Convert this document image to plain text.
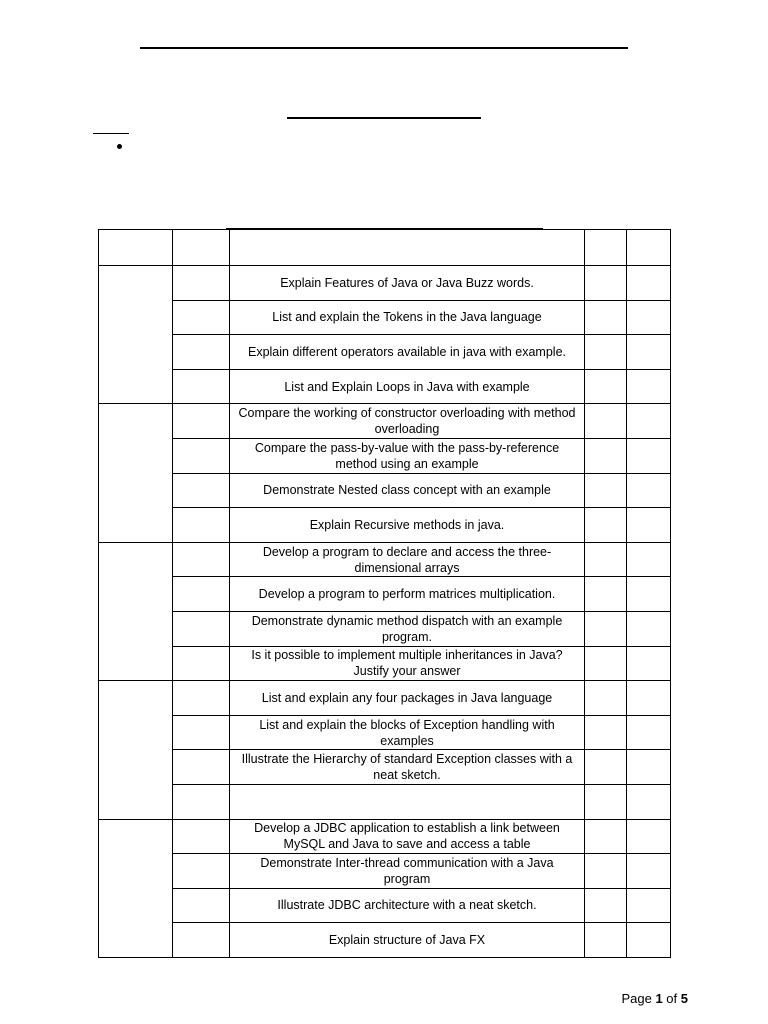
		Explain Features of Java or Java Buzz words.		
		List and explain the Tokens in the Java language		
		Explain different operators available in java with example.		
		List and Explain Loops in Java with example		
		Compare the working of constructor overloading with method overloading		
		Compare the pass-by-value with the pass-by-reference method using an example		
		Demonstrate Nested class concept with an example		
		Explain Recursive methods in java.		
		Develop a program to declare and access the three-dimensional arrays		
		Develop a program to perform matrices multiplication.		
		Demonstrate dynamic method dispatch with an example program.		
		Is it possible to implement multiple inheritances in Java? Justify your answer		
		List and explain any four packages in Java language		
		List and explain the blocks of Exception handling with examples		
		Illustrate the Hierarchy of standard Exception classes with a neat sketch.		

		Develop a JDBC application to establish a link between MySQL and Java to save and access a table		
		Demonstrate Inter-thread communication with a Java program		
		Illustrate JDBC architecture with a neat sketch.		
		Explain structure of Java FX		
Page 1 of 5
